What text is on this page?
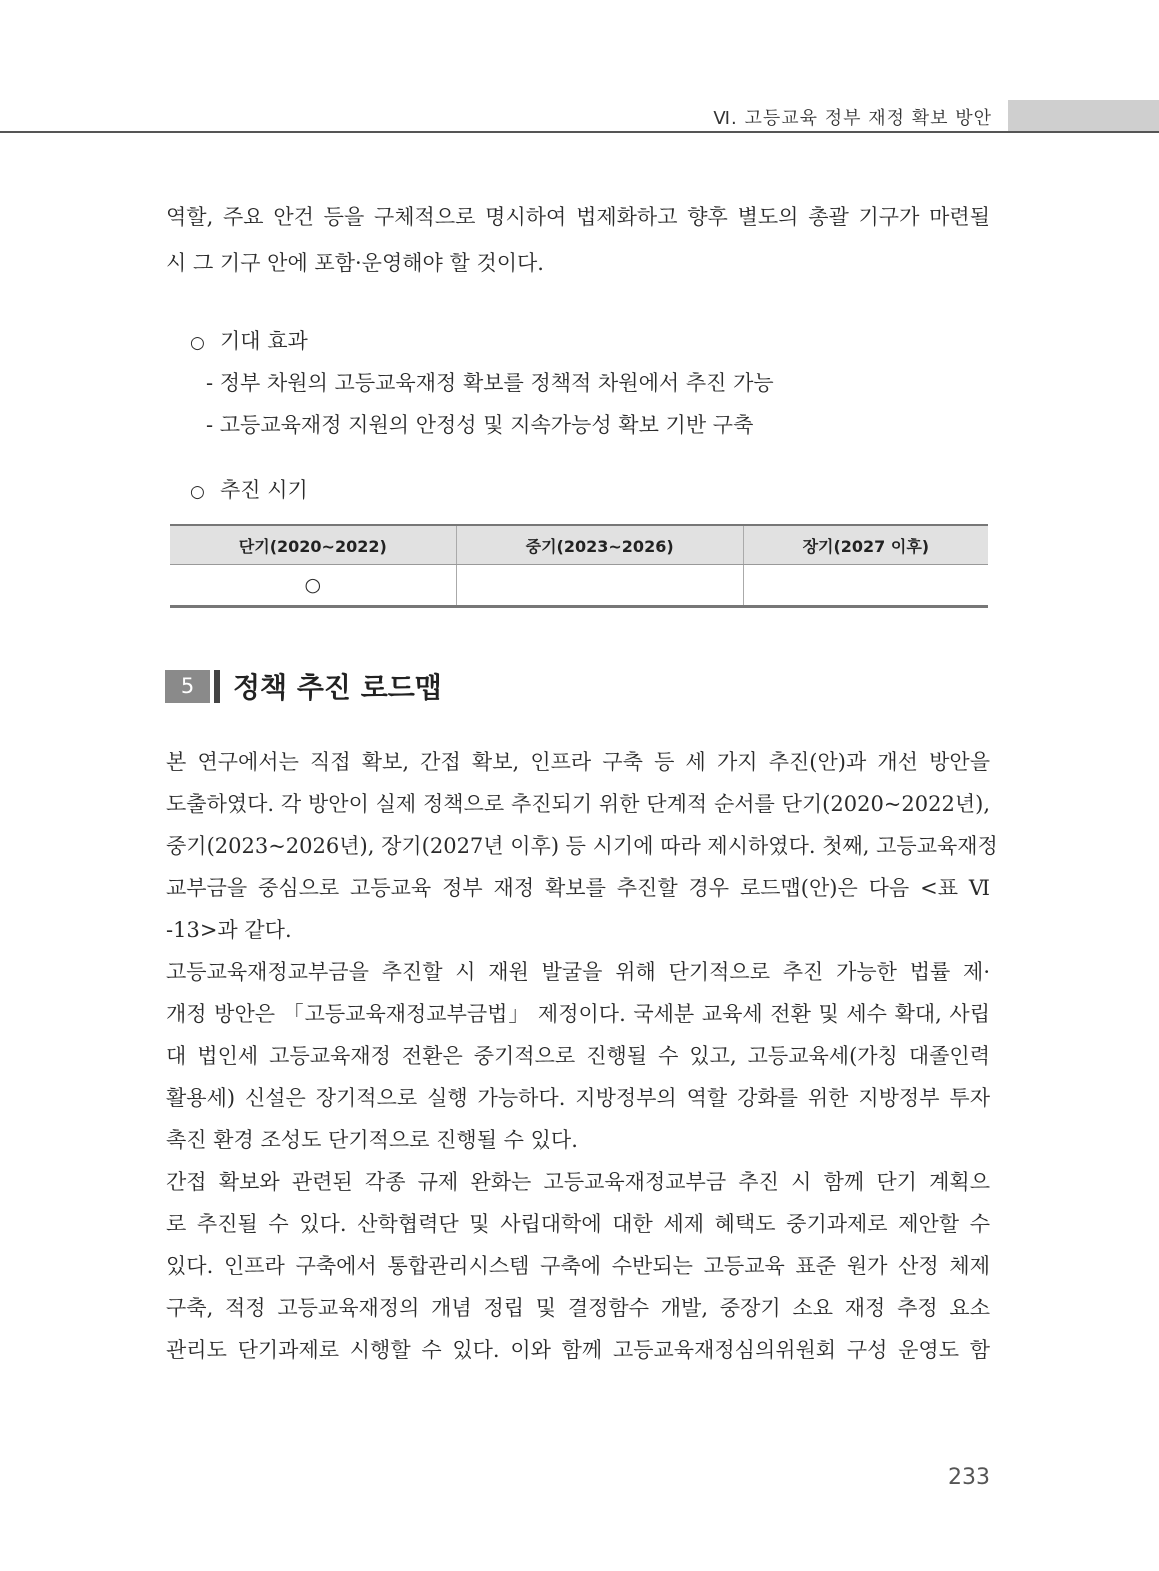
Ⅵ. 고등교육 정부 재정 확보 방안
역할, 주요 안건 등을 구체적으로 명시하여 법제화하고 향후 별도의 총괄 기구가 마련될
시 그 기구 안에 포함·운영해야 할 것이다.
○ 기대 효과
- 정부 차원의 고등교육재정 확보를 정책적 차원에서 추진 가능
- 고등교육재정 지원의 안정성 및 지속가능성 확보 기반 구축
○ 추진 시기
단기(2020~2022)	중기(2023~2026)	장기(2027 이후)
○		
5	정책 추진 로드맵
본 연구에서는 직접 확보, 간접 확보, 인프라 구축 등 세 가지 추진(안)과 개선 방안을
도출하였다. 각 방안이 실제 정책으로 추진되기 위한 단계적 순서를 단기(2020~2022년),
중기(2023~2026년), 장기(2027년 이후) 등 시기에 따라 제시하였다. 첫째, 고등교육재정
교부금을 중심으로 고등교육 정부 재정 확보를 추진할 경우 로드맵(안)은 다음 <표 Ⅵ
-13>과 같다.
고등교육재정교부금을 추진할 시 재원 발굴을 위해 단기적으로 추진 가능한 법률 제·
개정 방안은 「고등교육재정교부금법」 제정이다. 국세분 교육세 전환 및 세수 확대, 사립
대 법인세 고등교육재정 전환은 중기적으로 진행될 수 있고, 고등교육세(가칭 대졸인력
활용세) 신설은 장기적으로 실행 가능하다. 지방정부의 역할 강화를 위한 지방정부 투자
촉진 환경 조성도 단기적으로 진행될 수 있다.
간접 확보와 관련된 각종 규제 완화는 고등교육재정교부금 추진 시 함께 단기 계획으
로 추진될 수 있다. 산학협력단 및 사립대학에 대한 세제 혜택도 중기과제로 제안할 수
있다. 인프라 구축에서 통합관리시스템 구축에 수반되는 고등교육 표준 원가 산정 체제
구축, 적정 고등교육재정의 개념 정립 및 결정함수 개발, 중장기 소요 재정 추정 요소
관리도 단기과제로 시행할 수 있다. 이와 함께 고등교육재정심의위원회 구성 운영도 함
233
